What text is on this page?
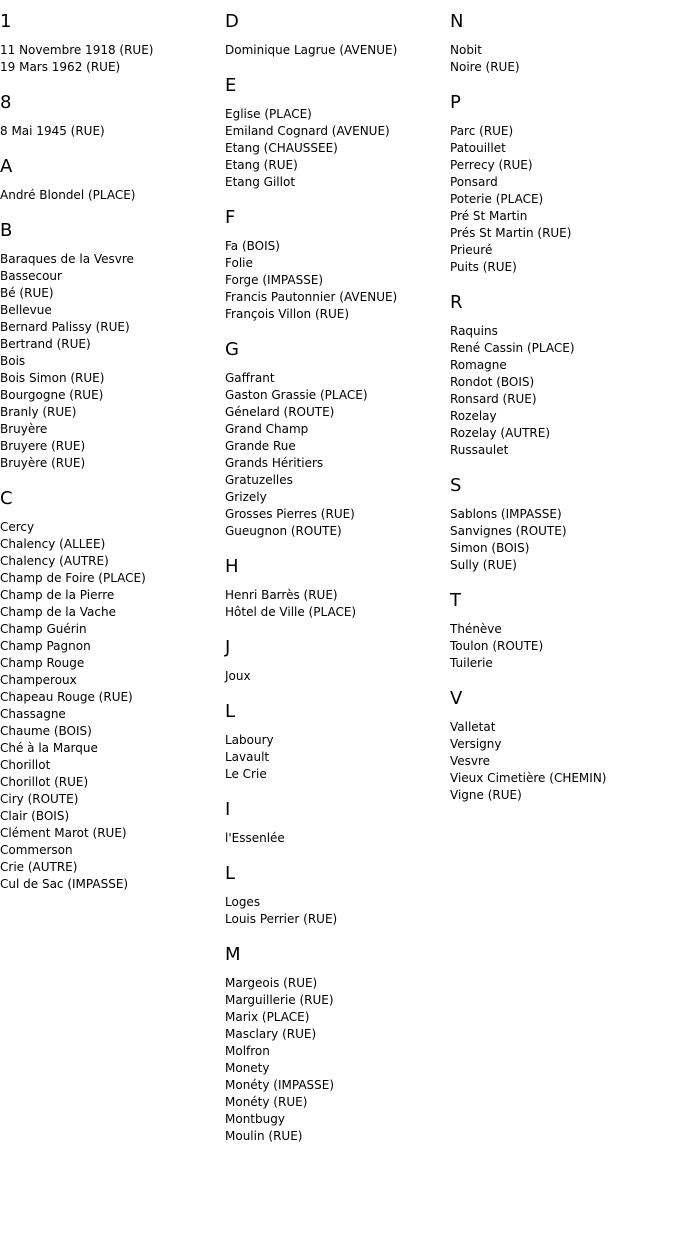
1
11 Novembre 1918 (RUE)
19 Mars 1962 (RUE)
8
8 Mai 1945 (RUE)
A
André Blondel (PLACE)
B
Baraques de la Vesvre
Bassecour
Bé (RUE)
Bellevue
Bernard Palissy (RUE)
Bertrand (RUE)
Bois
Bois Simon (RUE)
Bourgogne (RUE)
Branly (RUE)
Bruyère
Bruyere (RUE)
Bruyère (RUE)
C
Cercy
Chalency (ALLEE)
Chalency (AUTRE)
Champ de Foire (PLACE)
Champ de la Pierre
Champ de la Vache
Champ Guérin
Champ Pagnon
Champ Rouge
Champeroux
Chapeau Rouge (RUE)
Chassagne
Chaume (BOIS)
Ché à la Marque
Chorillot
Chorillot (RUE)
Ciry (ROUTE)
Clair (BOIS)
Clément Marot (RUE)
Commerson
Crie (AUTRE)
Cul de Sac (IMPASSE)
D
Dominique Lagrue (AVENUE)
E
Eglise (PLACE)
Emiland Cognard (AVENUE)
Etang (CHAUSSEE)
Etang (RUE)
Etang Gillot
F
Fa (BOIS)
Folie
Forge (IMPASSE)
Francis Pautonnier (AVENUE)
François Villon (RUE)
G
Gaffrant
Gaston Grassie (PLACE)
Génelard (ROUTE)
Grand Champ
Grande Rue
Grands Héritiers
Gratuzelles
Grizely
Grosses Pierres (RUE)
Gueugnon (ROUTE)
H
Henri Barrès (RUE)
Hôtel de Ville (PLACE)
J
Joux
L
Laboury
Lavault
Le Crie
I
l'Essenlée
L
Loges
Louis Perrier (RUE)
M
Margeois (RUE)
Marguillerie (RUE)
Marix (PLACE)
Masclary (RUE)
Molfron
Monety
Monéty (IMPASSE)
Monéty (RUE)
Montbugy
Moulin (RUE)
N
Nobit
Noire (RUE)
P
Parc (RUE)
Patouillet
Perrecy (RUE)
Ponsard
Poterie (PLACE)
Pré St Martin
Prés St Martin (RUE)
Prieuré
Puits (RUE)
R
Raquins
René Cassin (PLACE)
Romagne
Rondot (BOIS)
Ronsard (RUE)
Rozelay
Rozelay (AUTRE)
Russaulet
S
Sablons (IMPASSE)
Sanvignes (ROUTE)
Simon (BOIS)
Sully (RUE)
T
Thénève
Toulon (ROUTE)
Tuilerie
V
Valletat
Versigny
Vesvre
Vieux Cimetière (CHEMIN)
Vigne (RUE)
